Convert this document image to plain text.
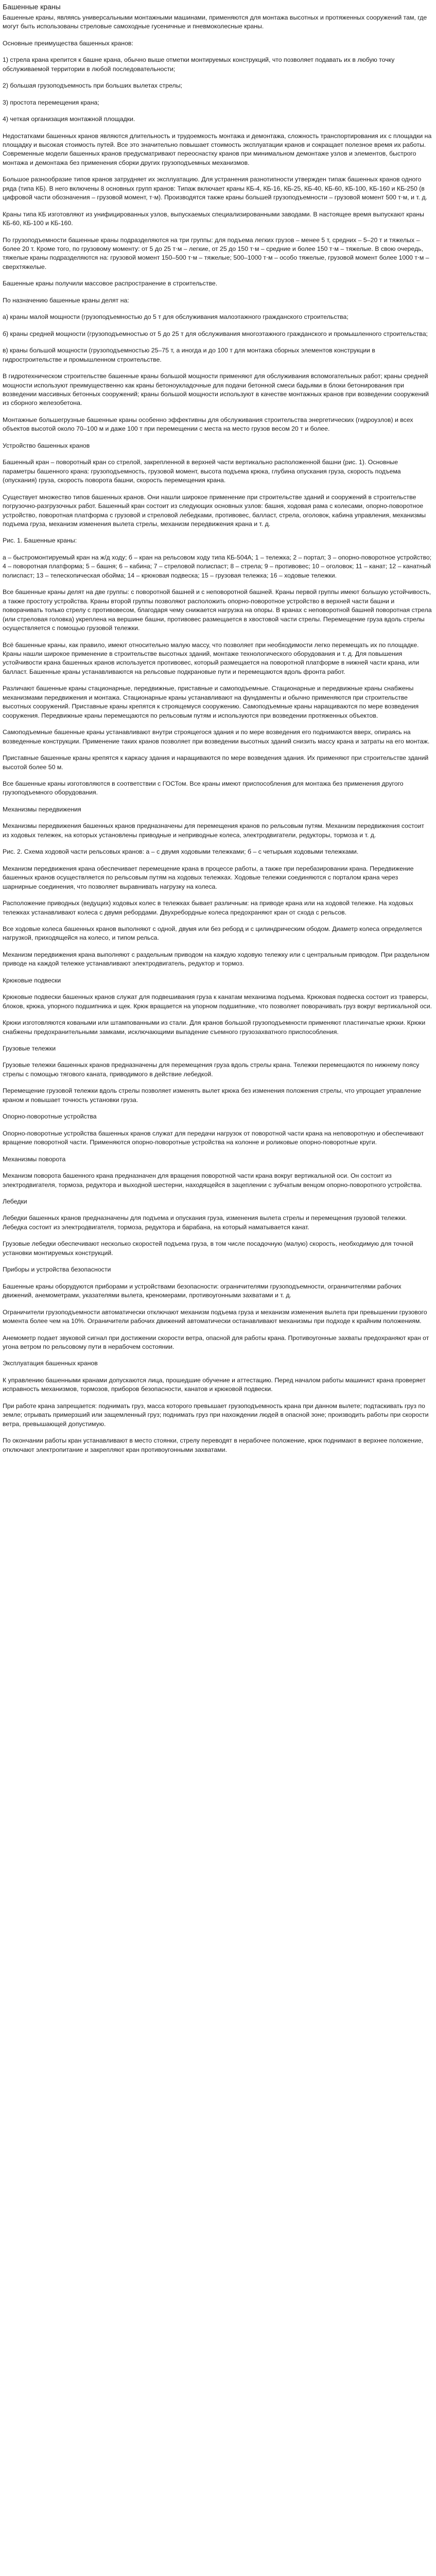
Башенные краны

Башенные краны, являясь универсальными монтажными машинами, применяются для монтажа высотных и протяженных сооружений там, где могут быть использованы стреловые самоходные гусеничные и пневмоколесные краны.

Основные преимущества башенных кранов:

1) стрела крана крепится к башне крана, обычно выше отметки монтируемых конструкций, что позволяет подавать их в любую точку обслуживаемой территории в любой последовательности;

2) большая грузоподъемность при больших вылетах стрелы;

3) простота перемещения крана;

4) четкая организация монтажной площадки.

Недостатками башенных кранов являются длительность и трудоемкость монтажа и демонтажа, сложность транспортирования их с площадки на площадку и высокая стоимость путей. Все это значительно повышает стоимость эксплуатации кранов и сокращает полезное время их работы. Современные модели башенных кранов предусматривают переоснастку кранов при минимальном демонтаже узлов и элементов, быстрого монтажа и демонтажа без применения сборки других грузоподъемных механизмов.

Большое разнообразие типов кранов затрудняет их эксплуатацию. Для устранения разнотипности утвержден типаж башенных кранов одного ряда (типа КБ). В него включены 8 основных групп кранов: Типаж включает краны КБ-4, КБ-16, КБ-25, КБ-40, КБ-60, КБ-100, КБ-160 и КБ-250 (в цифровой части обозначения – грузовой момент, т⋅м). Производятся также краны большей грузоподъемности – грузовой момент 500 т⋅м, и т. д.

Краны типа КБ изготовляют из унифицированных узлов, выпускаемых специализированными заводами. В настоящее время выпускают краны КБ-60, КБ-100 и КБ-160.

По грузоподъемности башенные краны подразделяются на три группы: для подъема легких грузов – менее 5 т, средних – 5–20 т и тяжелых – более 20 т. Кроме того, по грузовому моменту: от 5 до 25 т⋅м – легкие, от 25 до 150 т⋅м – средние и более 150 т⋅м – тяжелые. В свою очередь, тяжелые краны подразделяются на: грузовой момент 150–500 т⋅м – тяжелые; 500–1000 т⋅м – особо тяжелые, грузовой момент более 1000 т⋅м – сверхтяжелые.

Башенные краны получили массовое распространение в строительстве.

По назначению башенные краны делят на:

а) краны малой мощности (грузоподъемностью до 5 т для обслуживания малоэтажного гражданского строительства;

б) краны средней мощности (грузоподъемностью от 5 до 25 т для обслуживания многоэтажного гражданского и промышленного строительства;

в) краны большой мощности (грузоподъемностью 25–75 т, а иногда и до 100 т для монтажа сборных элементов конструкции в гидростроительстве и промышленном строительстве.

В гидротехническом строительстве башенные краны большой мощности применяют для обслуживания вспомогательных работ; краны средней мощности используют преимущественно как краны бетоноукладочные для подачи бетонной смеси бадьями в блоки бетонирования при возведении массивных бетонных сооружений; краны большой мощности используют в качестве монтажных кранов при возведении сооружений из сборного железобетона.

Монтажные большегрузные башенные краны особенно эффективны для обслуживания строительства энергетических (гидроузлов) и всех объектов высотой около 70–100 м и даже 100 т при перемещении с места на место грузов весом 20 т и более.

Устройство башенных кранов

Башенный кран – поворотный кран со стрелой, закрепленной в верхней части вертикально расположенной башни (рис. 1). Основные параметры башенного крана: грузоподъемность, грузовой момент, высота подъема крюка, глубина опускания груза, скорость подъема (опускания) груза, скорость поворота башни, скорость перемещения крана.

Существует множество типов башенных кранов. Они нашли широкое применение при строительстве зданий и сооружений в строительстве погрузочно-разгрузочных работ. Башенный кран состоит из следующих основных узлов: башня, ходовая рама с колесами, опорно-поворотное устройство, поворотная платформа с грузовой и стреловой лебедками, противовес, балласт, стрела, оголовок, кабина управления, механизмы подъема груза, механизм изменения вылета стрелы, механизм передвижения крана и т. д.

Рис. 1. Башенные краны:

а – быстромонтируемый кран на ж/д ходу; б – кран на рельсовом ходу типа КБ-504А; 1 – тележка; 2 – портал; 3 – опорно-поворотное устройство; 4 – поворотная платформа; 5 – башня; 6 – кабина; 7 – стреловой полиспаст; 8 – стрела; 9 – противовес; 10 – оголовок; 11 – канат; 12 – канатный полиспаст; 13 – телескопическая обойма; 14 – крюковая подвеска; 15 – грузовая тележка; 16 – ходовые тележки.

Все башенные краны делят на две группы: с поворотной башней и с неповоротной башней. Краны первой группы имеют большую устойчивость, а также простоту устройства. Краны второй группы позволяют расположить опорно-поворотное устройство в верхней части башни и поворачивать только стрелу с противовесом, благодаря чему снижается нагрузка на опоры. В кранах с неповоротной башней поворотная стрела (или стреловая головка) укреплена на вершине башни, противовес размещается в хвостовой части стрелы. Перемещение груза вдоль стрелы осуществляется с помощью грузовой тележки.

Всё башенные краны, как правило, имеют относительно малую массу, что позволяет при необходимости легко перемещать их по площадке. Краны нашли широкое применение в строительстве высотных зданий, монтаже технологического оборудования и т. д. Для повышения устойчивости крана башенных кранов используется противовес, который размещается на поворотной платформе в нижней части крана, или балласт. Башенные краны устанавливаются на рельсовые подкрановые пути и перемещаются вдоль фронта работ.

Различают башенные краны стационарные, передвижные, приставные и самоподъемные. Стационарные и передвижные краны снабжены механизмами передвижения и монтажа. Стационарные краны устанавливают на фундаменты и обычно применяются при строительстве высотных сооружений. Приставные краны крепятся к строящемуся сооружению. Самоподъемные краны наращиваются по мере возведения сооружения. Передвижные краны перемещаются по рельсовым путям и используются при возведении протяженных объектов.

Самоподъемные башенные краны устанавливают внутри строящегося здания и по мере возведения его поднимаются вверх, опираясь на возведенные конструкции. Применение таких кранов позволяет при возведении высотных зданий снизить массу крана и затраты на его монтаж.

Приставные башенные краны крепятся к каркасу здания и наращиваются по мере возведения здания. Их применяют при строительстве зданий высотой более 50 м.

Все башенные краны изготовляются в соответствии с ГОСТом. Все краны имеют приспособления для монтажа без применения другого грузоподъемного оборудования.

Механизмы передвижения

Механизмы передвижения башенных кранов предназначены для перемещения кранов по рельсовым путям. Механизм передвижения состоит из ходовых тележек, на которых установлены приводные и неприводные колеса, электродвигатели, редукторы, тормоза и т. д.

Рис. 2. Схема ходовой части рельсовых кранов: а – с двумя ходовыми тележками; б – с четырьмя ходовыми тележками.

Механизм передвижения крана обеспечивает перемещение крана в процессе работы, а также при перебазировании крана. Передвижение башенных кранов осуществляется по рельсовым путям на ходовых тележках. Ходовые тележки соединяются с порталом крана через шарнирные соединения, что позволяет выравнивать нагрузку на колеса.

Расположение приводных (ведущих) ходовых колес в тележках бывает различным: на приводе крана или на ходовой тележке. На ходовых тележках устанавливают колеса с двумя ребордами. Двухребордные колеса предохраняют кран от схода с рельсов.

Все ходовые колеса башенных кранов выполняют с одной, двумя или без реборд и с цилиндрическим ободом. Диаметр колеса определяется нагрузкой, приходящейся на колесо, и типом рельса.

Механизм передвижения крана выполняют с раздельным приводом на каждую ходовую тележку или с центральным приводом. При раздельном приводе на каждой тележке устанавливают электродвигатель, редуктор и тормоз.

Крюковые подвески

Крюковые подвески башенных кранов служат для подвешивания груза к канатам механизма подъема. Крюковая подвеска состоит из траверсы, блоков, крюка, упорного подшипника и щек. Крюк вращается на упорном подшипнике, что позволяет поворачивать груз вокруг вертикальной оси.

Крюки изготовляются коваными или штампованными из стали. Для кранов большой грузоподъемности применяют пластинчатые крюки. Крюки снабжены предохранительными замками, исключающими выпадение съемного грузозахватного приспособления.

Грузовые тележки

Грузовые тележки башенных кранов предназначены для перемещения груза вдоль стрелы крана. Тележки перемещаются по нижнему поясу стрелы с помощью тягового каната, приводимого в действие лебедкой.

Перемещение грузовой тележки вдоль стрелы позволяет изменять вылет крюка без изменения положения стрелы, что упрощает управление краном и повышает точность установки груза.

Опорно-поворотные устройства

Опорно-поворотные устройства башенных кранов служат для передачи нагрузок от поворотной части крана на неповоротную и обеспечивают вращение поворотной части. Применяются опорно-поворотные устройства на колонне и роликовые опорно-поворотные круги.

Механизмы поворота

Механизм поворота башенного крана предназначен для вращения поворотной части крана вокруг вертикальной оси. Он состоит из электродвигателя, тормоза, редуктора и выходной шестерни, находящейся в зацеплении с зубчатым венцом опорно-поворотного устройства.

Лебедки

Лебедки башенных кранов предназначены для подъема и опускания груза, изменения вылета стрелы и перемещения грузовой тележки. Лебедка состоит из электродвигателя, тормоза, редуктора и барабана, на который наматывается канат.

Грузовые лебедки обеспечивают несколько скоростей подъема груза, в том числе посадочную (малую) скорость, необходимую для точной установки монтируемых конструкций.

Приборы и устройства безопасности

Башенные краны оборудуются приборами и устройствами безопасности: ограничителями грузоподъемности, ограничителями рабочих движений, анемометрами, указателями вылета, креномерами, противоугонными захватами и т. д.

Ограничители грузоподъемности автоматически отключают механизм подъема груза и механизм изменения вылета при превышении грузового момента более чем на 10%. Ограничители рабочих движений автоматически останавливают механизмы при подходе к крайним положениям.

Анемометр подает звуковой сигнал при достижении скорости ветра, опасной для работы крана. Противоугонные захваты предохраняют кран от угона ветром по рельсовому пути в нерабочем состоянии.

Эксплуатация башенных кранов

К управлению башенными кранами допускаются лица, прошедшие обучение и аттестацию. Перед началом работы машинист крана проверяет исправность механизмов, тормозов, приборов безопасности, канатов и крюковой подвески.

При работе крана запрещается: поднимать груз, масса которого превышает грузоподъемность крана при данном вылете; подтаскивать груз по земле; отрывать примерзший или защемленный груз; поднимать груз при нахождении людей в опасной зоне; производить работы при скорости ветра, превышающей допустимую.

По окончании работы кран устанавливают в место стоянки, стрелу переводят в нерабочее положение, крюк поднимают в верхнее положение, отключают электропитание и закрепляют кран противоугонными захватами.
